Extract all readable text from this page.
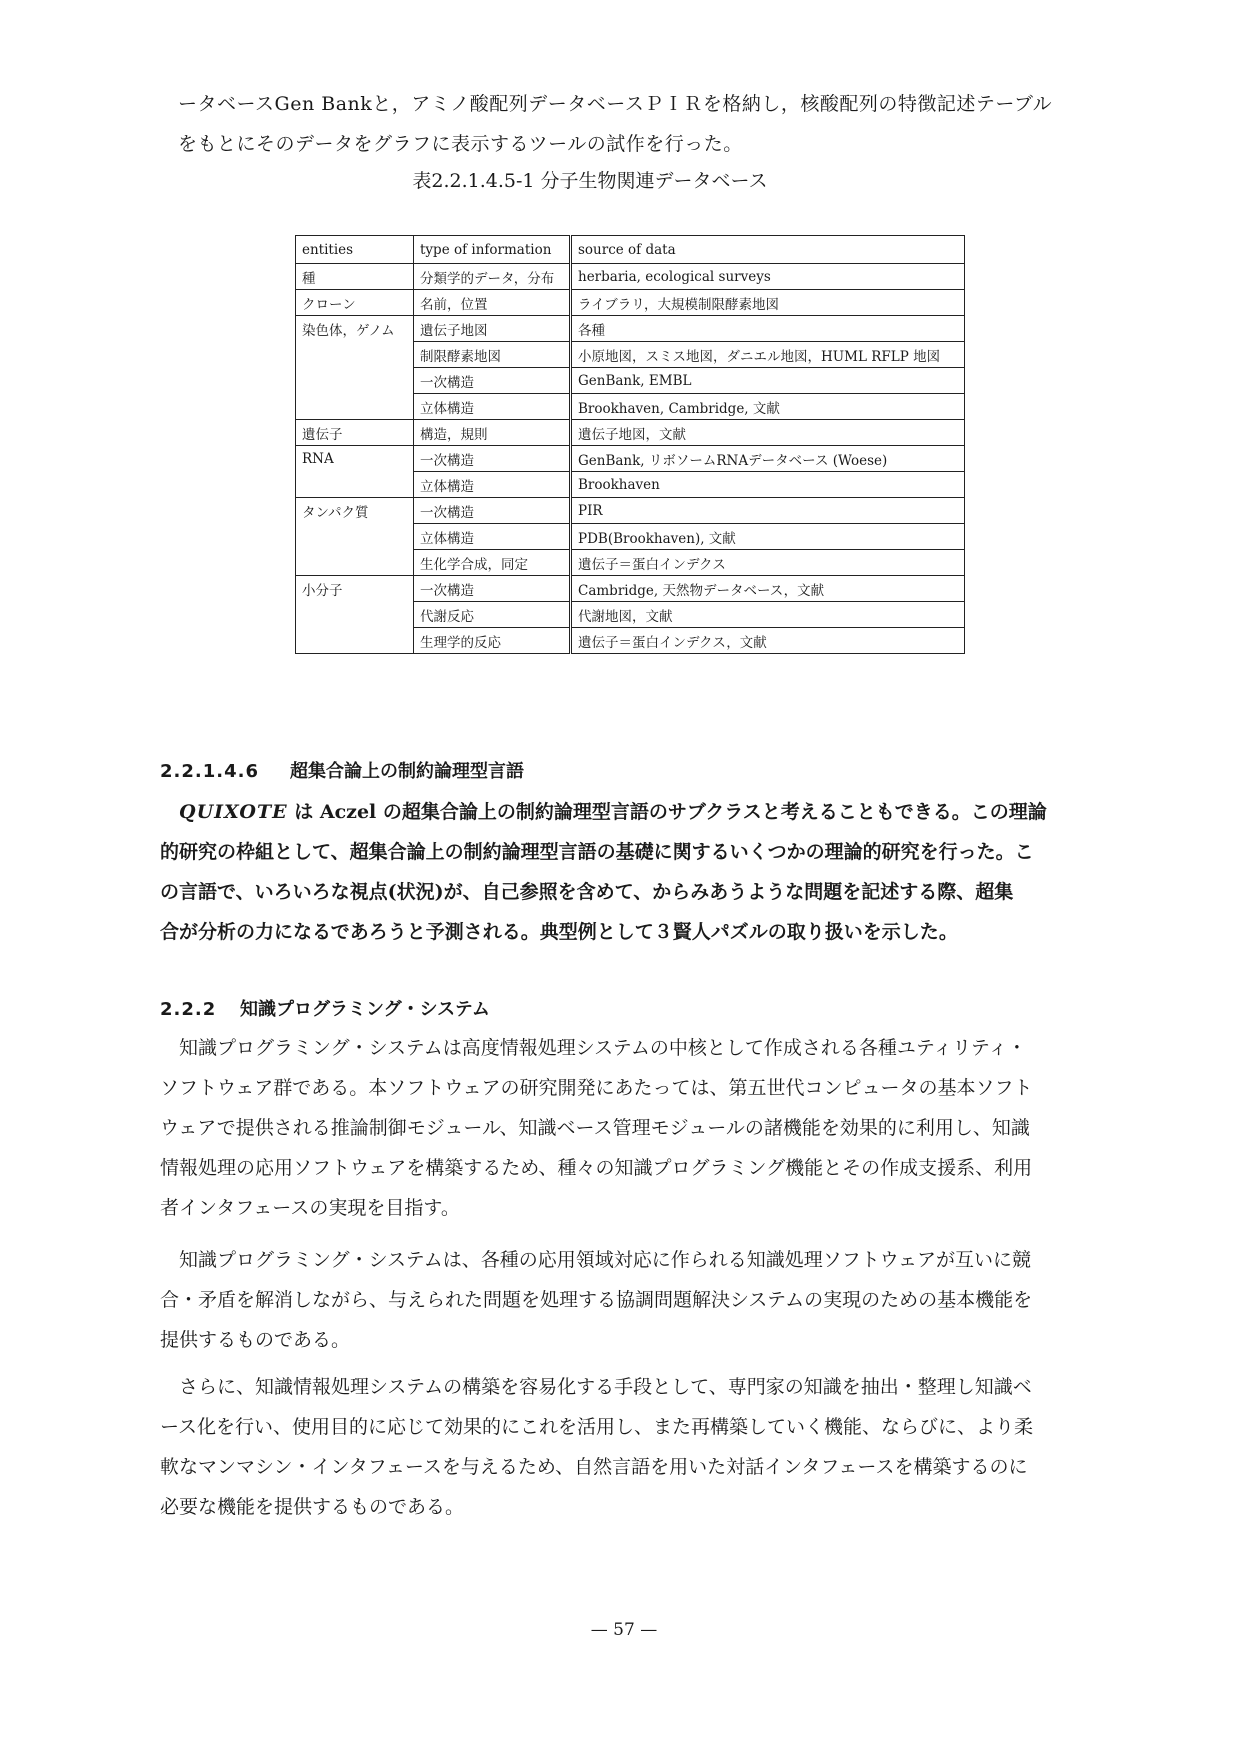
ータベースGen Bankと，アミノ酸配列データベースＰＩＲを格納し，核酸配列の特徴記述テーブル

をもとにそのデータをグラフに表示するツールの試作を行った。

表2.2.1.4.5-1 分子生物関連データベース
entities	type of information	source of data
種	分類学的データ，分布	herbaria, ecological surveys
クローン	名前，位置	ライブラリ，大規模制限酵素地図
染色体，ゲノム	遺伝子地図	各種
	制限酵素地図	小原地図，スミス地図，ダニエル地図，HUML RFLP 地図
	一次構造	GenBank, EMBL
	立体構造	Brookhaven, Cambridge, 文献
遺伝子	構造，規則	遺伝子地図，文献
RNA	一次構造	GenBank, リボソームRNAデータベース (Woese)
	立体構造	Brookhaven
タンパク質	一次構造	PIR
	立体構造	PDB(Brookhaven), 文献
	生化学合成，同定	遺伝子＝蛋白インデクス
小分子	一次構造	Cambridge, 天然物データベース，文献
	代謝反応	代謝地図，文献
	生理学的反応	遺伝子＝蛋白インデクス，文献
2.2.1.4.6 超集合論上の制約論理型言語

　QUIXOTE は Aczel の超集合論上の制約論理型言語のサブクラスと考えることもできる。この理論

的研究の枠組として、超集合論上の制約論理型言語の基礎に関するいくつかの理論的研究を行った。こ

の言語で、いろいろな視点(状況)が、自己参照を含めて、からみあうような問題を記述する際、超集

合が分析の力になるであろうと予測される。典型例として３賢人パズルの取り扱いを示した。

2.2.2 知識プログラミング・システム

　知識プログラミング・システムは高度情報処理システムの中核として作成される各種ユティリティ・

ソフトウェア群である。本ソフトウェアの研究開発にあたっては、第五世代コンピュータの基本ソフト

ウェアで提供される推論制御モジュール、知識ベース管理モジュールの諸機能を効果的に利用し、知識

情報処理の応用ソフトウェアを構築するため、種々の知識プログラミング機能とその作成支援系、利用

者インタフェースの実現を目指す。

　知識プログラミング・システムは、各種の応用領域対応に作られる知識処理ソフトウェアが互いに競

合・矛盾を解消しながら、与えられた問題を処理する協調問題解決システムの実現のための基本機能を

提供するものである。

　さらに、知識情報処理システムの構築を容易化する手段として、専門家の知識を抽出・整理し知識ベ

ース化を行い、使用目的に応じて効果的にこれを活用し、また再構築していく機能、ならびに、より柔

軟なマンマシン・インタフェースを与えるため、自然言語を用いた対話インタフェースを構築するのに

必要な機能を提供するものである。

— 57 —
